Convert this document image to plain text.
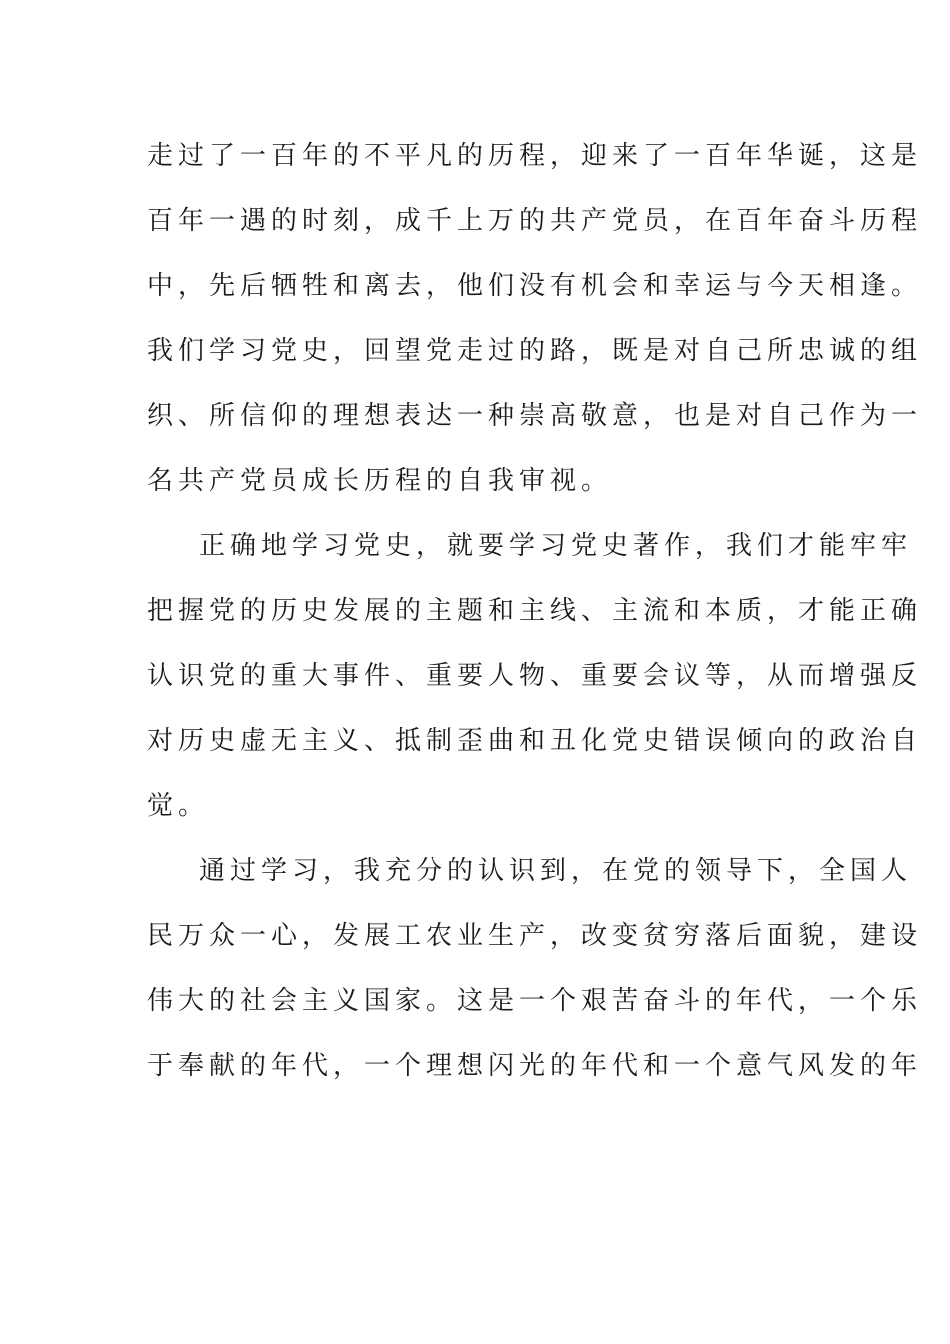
走过了一百年的不平凡的历程，迎来了一百年华诞，这是
百年一遇的时刻，成千上万的共产党员，在百年奋斗历程
中，先后牺牲和离去，他们没有机会和幸运与今天相逢。
我们学习党史，回望党走过的路，既是对自己所忠诚的组
织、所信仰的理想表达一种崇高敬意，也是对自己作为一
名共产党员成长历程的自我审视。
正确地学习党史，就要学习党史著作，我们才能牢牢
把握党的历史发展的主题和主线、主流和本质，才能正确
认识党的重大事件、重要人物、重要会议等，从而增强反
对历史虚无主义、抵制歪曲和丑化党史错误倾向的政治自
觉。
通过学习，我充分的认识到，在党的领导下，全国人
民万众一心，发展工农业生产，改变贫穷落后面貌，建设
伟大的社会主义国家。这是一个艰苦奋斗的年代，一个乐
于奉献的年代，一个理想闪光的年代和一个意气风发的年
